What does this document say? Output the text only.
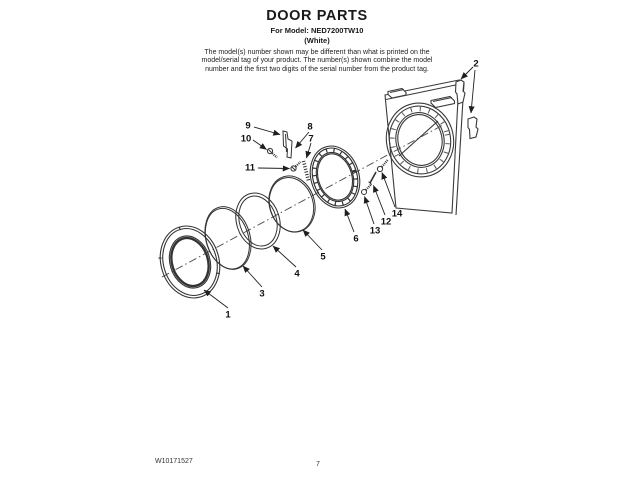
DOOR PARTS
For Model: NED7200TW10
(White)
The model(s) number shown may be different than what is printed on the
model/serial tag of your product. The number(s) shown combine the model
number and the first two digits of the serial number from the product tag.
1
2
3
4
5
6
7
8
9
10
11
12
13
14
W10171527	7
